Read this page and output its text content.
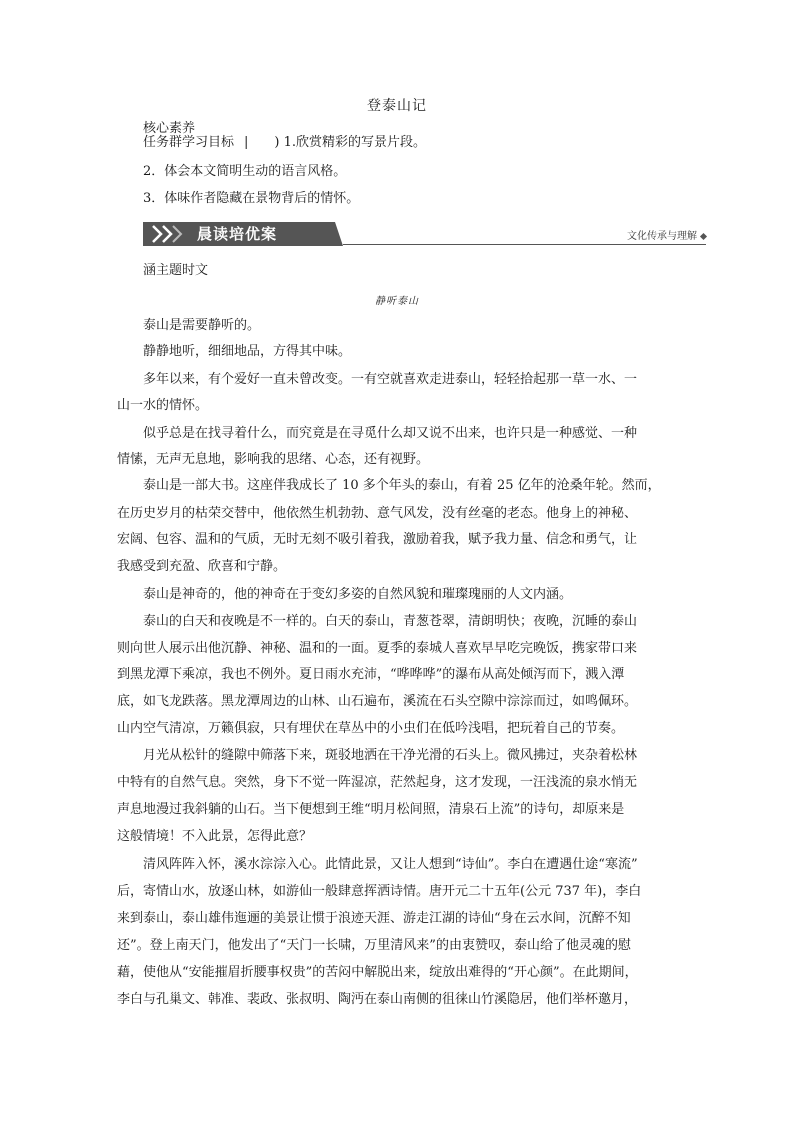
登泰山记
核心素养
任务群学习目标 | ) 1.欣赏精彩的写景片段。
2．体会本文简明生动的语言风格。
3．体味作者隐藏在景物背后的情怀。
晨读培优案	文化传承与理解
涵主题时文
静听泰山
泰山是需要静听的。
静静地听，细细地品，方得其中味。
多年以来，有个爱好一直未曾改变。一有空就喜欢走进泰山，轻轻拾起那一草一水、一
山一水的情怀。
似乎总是在找寻着什么，而究竟是在寻觅什么却又说不出来，也许只是一种感觉、一种
情愫，无声无息地，影响我的思绪、心态，还有视野。
泰山是一部大书。这座伴我成长了 10 多个年头的泰山，有着 25 亿年的沧桑年轮。然而，
在历史岁月的枯荣交替中，他依然生机勃勃、意气风发，没有丝毫的老态。他身上的神秘、
宏阔、包容、温和的气质，无时无刻不吸引着我，激励着我，赋予我力量、信念和勇气，让
我感受到充盈、欣喜和宁静。
泰山是神奇的，他的神奇在于变幻多姿的自然风貌和璀璨瑰丽的人文内涵。
泰山的白天和夜晚是不一样的。白天的泰山，青葱苍翠，清朗明快；夜晚，沉睡的泰山
则向世人展示出他沉静、神秘、温和的一面。夏季的泰城人喜欢早早吃完晚饭，携家带口来
到黑龙潭下乘凉，我也不例外。夏日雨水充沛，“哗哗哗”的瀑布从高处倾泻而下，溅入潭
底，如飞龙跌落。黑龙潭周边的山林、山石遍布，溪流在石头空隙中淙淙而过，如鸣佩环。
山内空气清凉，万籁俱寂，只有埋伏在草丛中的小虫们在低吟浅唱，把玩着自己的节奏。
月光从松针的缝隙中筛落下来，斑驳地洒在干净光滑的石头上。微风拂过，夹杂着松林
中特有的自然气息。突然，身下不觉一阵湿凉，茫然起身，这才发现，一汪浅流的泉水悄无
声息地漫过我斜躺的山石。当下便想到王维“明月松间照，清泉石上流”的诗句，却原来是
这般情境！不入此景，怎得此意？
清风阵阵入怀，溪水淙淙入心。此情此景，又让人想到“诗仙”。李白在遭遇仕途“寒流”
后，寄情山水，放逐山林，如游仙一般肆意挥洒诗情。唐开元二十五年(公元 737 年)，李白
来到泰山，泰山雄伟迤逦的美景让惯于浪迹天涯、游走江湖的诗仙“身在云水间，沉醉不知
还”。登上南天门，他发出了“天门一长啸，万里清风来”的由衷赞叹，泰山给了他灵魂的慰
藉，使他从“安能摧眉折腰事权贵”的苦闷中解脱出来，绽放出难得的“开心颜”。在此期间，
李白与孔巢文、韩准、裴政、张叔明、陶沔在泰山南侧的徂徕山竹溪隐居，他们举杯邀月，
